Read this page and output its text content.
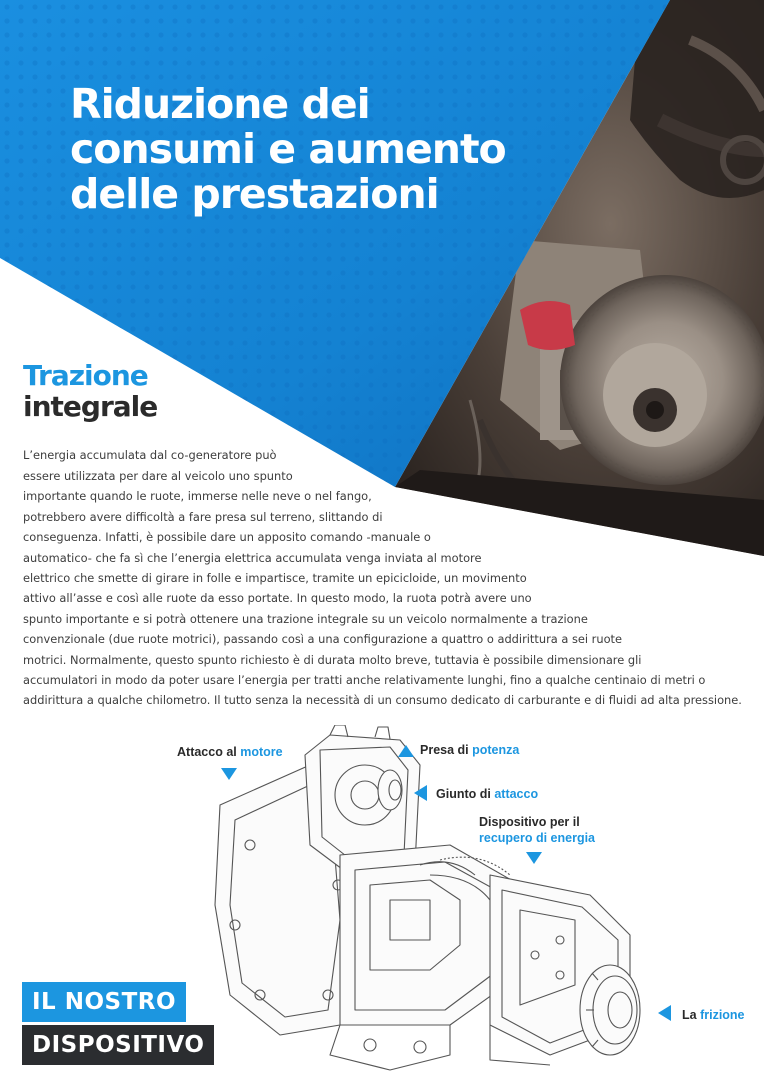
Riduzione dei
consumi e aumento
delle prestazioni
Trazione
integrale
L’energia accumulata dal co-generatore può
essere utilizzata per dare al veicolo uno spunto
importante quando le ruote, immerse nelle neve o nel fango,
potrebbero avere difficoltà a fare presa sul terreno, slittando di
conseguenza. Infatti, è possibile dare un apposito comando -manuale o
automatico- che fa sì che l’energia elettrica accumulata venga inviata al motore
elettrico che smette di girare in folle e impartisce, tramite un epicicloide, un movimento
attivo all’asse e così alle ruote da esso portate. In questo modo, la ruota potrà avere uno
spunto importante e si potrà ottenere una trazione integrale su un veicolo normalmente a trazione
convenzionale (due ruote motrici), passando così a una configurazione a quattro o addirittura a sei ruote
motrici. Normalmente, questo spunto richiesto è di durata molto breve, tuttavia è possibile dimensionare gli
accumulatori in modo da poter usare l’energia per tratti anche relativamente lunghi, fino a qualche centinaio di metri o
addirittura a qualche chilometro. Il tutto senza la necessità di un consumo dedicato di carburante e di fluidi ad alta pressione.
Attacco al motore	Presa di potenza
Giunto di attacco
Dispositivo per il
recupero di energia
La frizione
IL NOSTRO
DISPOSITIVO
